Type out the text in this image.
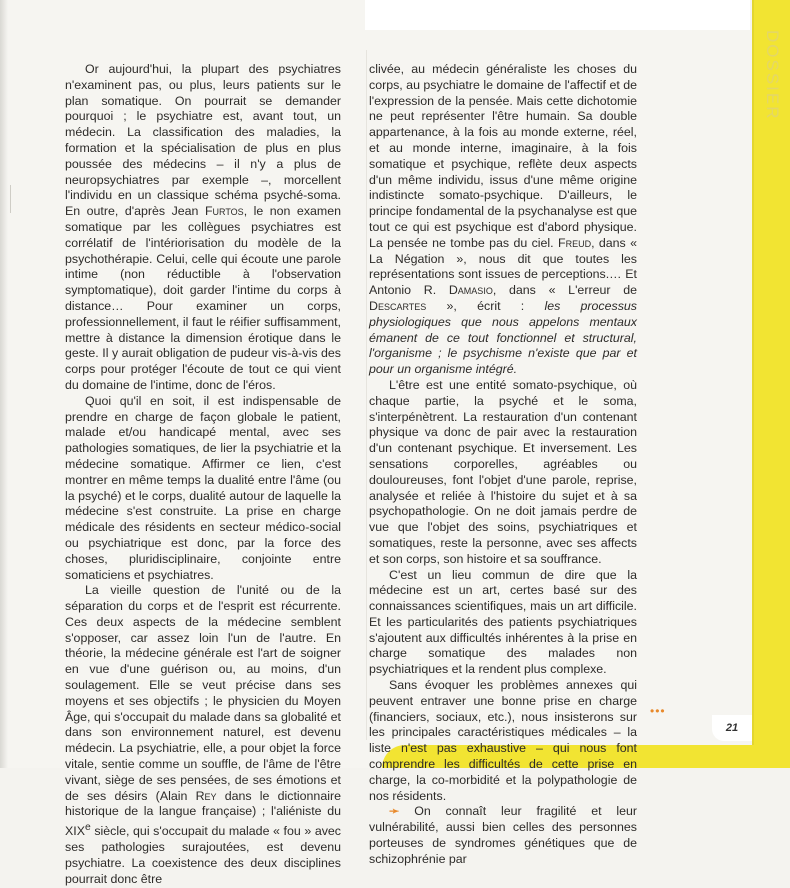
DOSSIER

Or aujourd'hui, la plupart des psychiatres n'examinent pas, ou plus, leurs patients sur le plan somatique. On pourrait se demander pourquoi ; le psychiatre est, avant tout, un médecin. La classification des maladies, la formation et la spécialisation de plus en plus poussée des médecins – il n'y a plus de neuropsychiatres par exemple –, morcellent l'individu en un classique schéma psyché-soma. En outre, d'après Jean Furtos, le non examen somatique par les collègues psychiatres est corrélatif de l'intériorisation du modèle de la psychothérapie. Celui, celle qui écoute une parole intime (non réductible à l'observation symptomatique), doit garder l'intime du corps à distance… Pour examiner un corps, professionnellement, il faut le réifier suffisamment, mettre à distance la dimension érotique dans le geste. Il y aurait obligation de pudeur vis-à-vis des corps pour protéger l'écoute de tout ce qui vient du domaine de l'intime, donc de l'éros.

Quoi qu'il en soit, il est indispensable de prendre en charge de façon globale le patient, malade et/ou handicapé mental, avec ses pathologies somatiques, de lier la psychiatrie et la médecine somatique. Affirmer ce lien, c'est montrer en même temps la dualité entre l'âme (ou la psyché) et le corps, dualité autour de laquelle la médecine s'est construite. La prise en charge médicale des résidents en secteur médico-social ou psychiatrique est donc, par la force des choses, pluridisciplinaire, conjointe entre somaticiens et psychiatres.

La vieille question de l'unité ou de la séparation du corps et de l'esprit est récurrente. Ces deux aspects de la médecine semblent s'opposer, car assez loin l'un de l'autre. En théorie, la médecine générale est l'art de soigner en vue d'une guérison ou, au moins, d'un soulagement. Elle se veut précise dans ses moyens et ses objectifs ; le physicien du Moyen Âge, qui s'occupait du malade dans sa globalité et dans son environnement naturel, est devenu médecin. La psychiatrie, elle, a pour objet la force vitale, sentie comme un souffle, de l'âme de l'être vivant, siège de ses pensées, de ses émotions et de ses désirs (Alain Rey dans le dictionnaire historique de la langue française) ; l'aliéniste du XIXe siècle, qui s'occupait du malade « fou » avec ses pathologies surajoutées, est devenu psychiatre. La coexistence des deux disciplines pourrait donc être

clivée, au médecin généraliste les choses du corps, au psychiatre le domaine de l'affectif et de l'expression de la pensée. Mais cette dichotomie ne peut représenter l'être humain. Sa double appartenance, à la fois au monde externe, réel, et au monde interne, imaginaire, à la fois somatique et psychique, reflète deux aspects d'un même individu, issus d'une même origine indistincte somato-psychique. D'ailleurs, le principe fondamental de la psychanalyse est que tout ce qui est psychique est d'abord physique. La pensée ne tombe pas du ciel. Freud, dans « La Négation », nous dit que toutes les représentations sont issues de perceptions.… Et Antonio R. Damasio, dans « L'erreur de Descartes », écrit : les processus physiologiques que nous appelons mentaux émanent de ce tout fonctionnel et structural, l'organisme ; le psychisme n'existe que par et pour un organisme intégré.

L'être est une entité somato-psychique, où chaque partie, la psyché et le soma, s'interpénètrent. La restauration d'un contenant physique va donc de pair avec la restauration d'un contenant psychique. Et inversement. Les sensations corporelles, agréables ou douloureuses, font l'objet d'une parole, reprise, analysée et reliée à l'histoire du sujet et à sa psychopathologie. On ne doit jamais perdre de vue que l'objet des soins, psychiatriques et somatiques, reste la personne, avec ses affects et son corps, son histoire et sa souffrance.

C'est un lieu commun de dire que la médecine est un art, certes basé sur des connaissances scientifiques, mais un art difficile. Et les particularités des patients psychiatriques s'ajoutent aux difficultés inhérentes à la prise en charge somatique des malades non psychiatriques et la rendent plus complexe.

Sans évoquer les problèmes annexes qui peuvent entraver une bonne prise en charge (financiers, sociaux, etc.), nous insisterons sur les principales caractéristiques médicales – la liste n'est pas exhaustive – qui nous font comprendre les difficultés de cette prise en charge, la co-morbidité et la polypathologie de nos résidents.

➛ On connaît leur fragilité et leur vulnérabilité, aussi bien celles des personnes porteuses de syndromes génétiques que de schizophrénie par

•••
21
